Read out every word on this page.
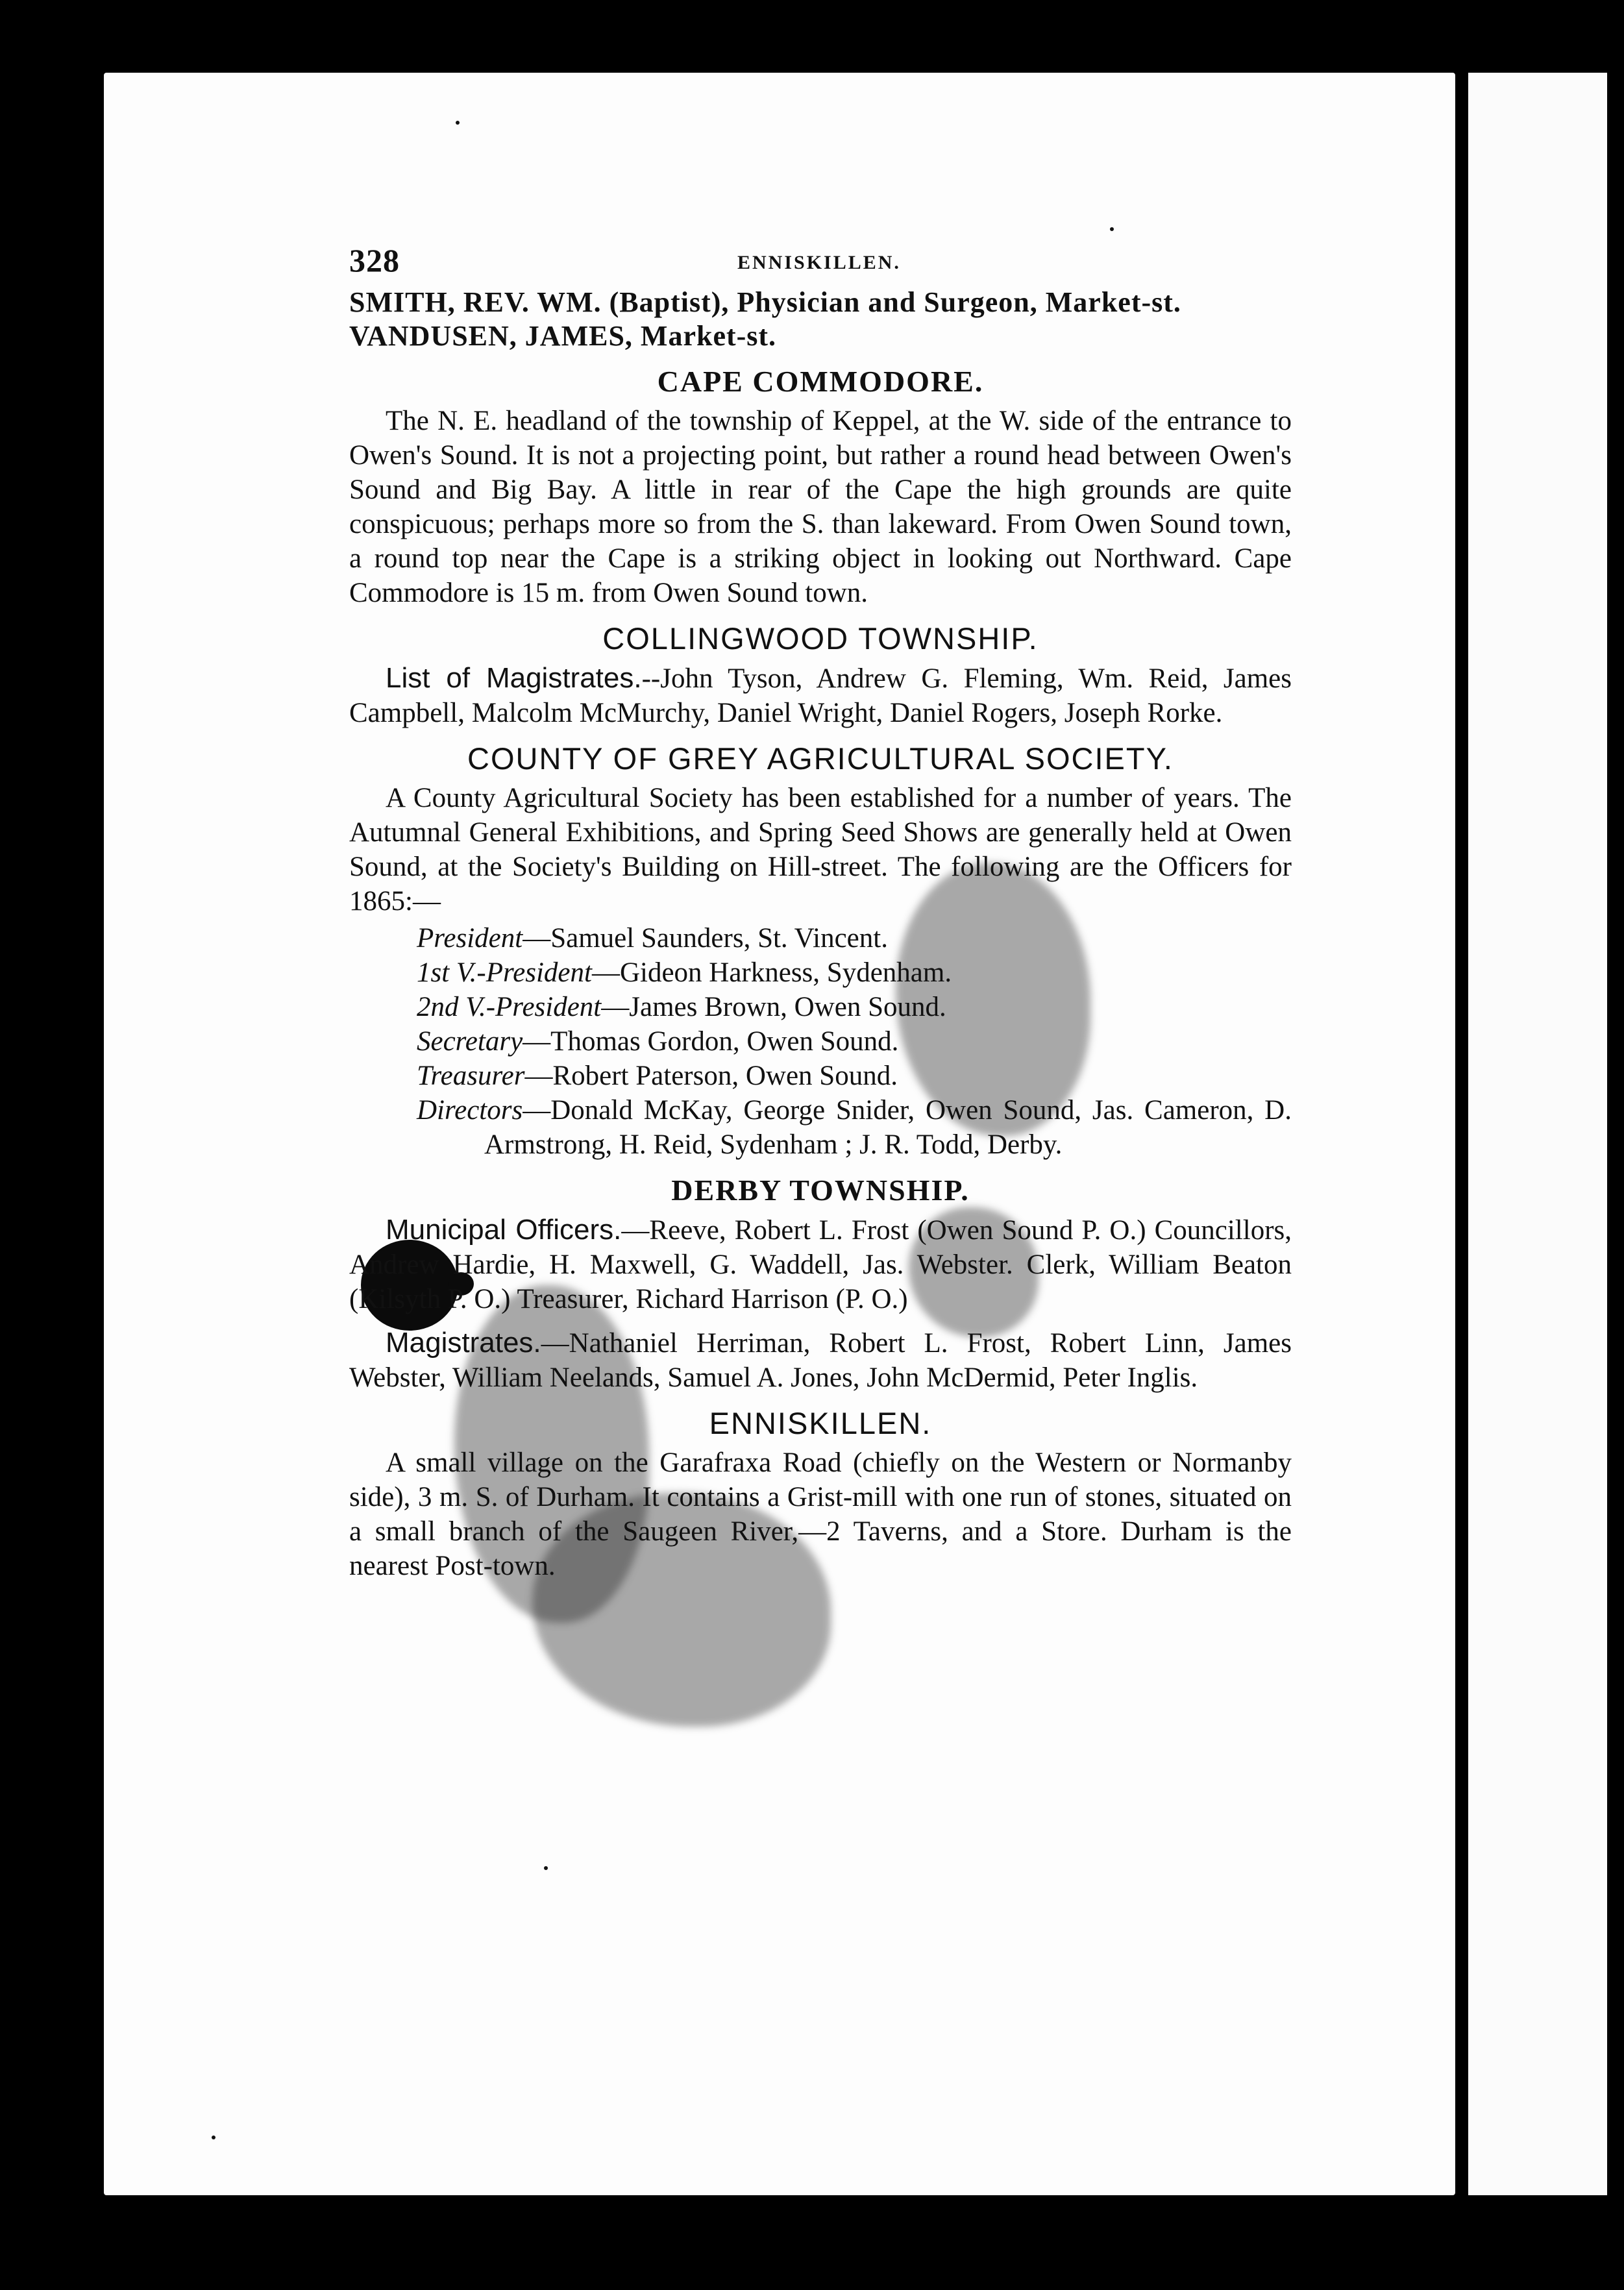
328	ENNISKILLEN.

SMITH, REV. WM. (Baptist), Physician and Surgeon, Market-st.

VANDUSEN, JAMES, Market-st.

CAPE COMMODORE.

The N. E. headland of the township of Keppel, at the W. side of the entrance to Owen's Sound. It is not a projecting point, but rather a round head between Owen's Sound and Big Bay. A little in rear of the Cape the high grounds are quite conspicuous; perhaps more so from the S. than lakeward. From Owen Sound town, a round top near the Cape is a striking object in looking out Northward. Cape Commodore is 15 m. from Owen Sound town.

COLLINGWOOD TOWNSHIP.

List of Magistrates.--John Tyson, Andrew G. Fleming, Wm. Reid, James Campbell, Malcolm McMurchy, Daniel Wright, Daniel Rogers, Joseph Rorke.

COUNTY OF GREY AGRICULTURAL SOCIETY.

A County Agricultural Society has been established for a number of years. The Autumnal General Exhibitions, and Spring Seed Shows are generally held at Owen Sound, at the Society's Building on Hill-street. The following are the Officers for 1865:—

President—Samuel Saunders, St. Vincent.
1st V.-President—Gideon Harkness, Sydenham.
2nd V.-President—James Brown, Owen Sound.
Secretary—Thomas Gordon, Owen Sound.
Treasurer—Robert Paterson, Owen Sound.
Directors—Donald McKay, George Snider, Owen Sound, Jas. Cameron, D. Armstrong, H. Reid, Sydenham ; J. R. Todd, Derby.
DERBY TOWNSHIP.

Municipal Officers.—Reeve, Robert L. Frost (Owen Sound P. O.) Councillors, Andrew Hardie, H. Maxwell, G. Waddell, Jas. Webster. Clerk, William Beaton (Kilsyth P. O.) Treasurer, Richard Harrison (P. O.)

Magistrates.—Nathaniel Herriman, Robert L. Frost, Robert Linn, James Webster, William Neelands, Samuel A. Jones, John McDermid, Peter Inglis.

ENNISKILLEN.

A small village on the Garafraxa Road (chiefly on the Western or Normanby side), 3 m. S. of Durham. It contains a Grist-mill with one run of stones, situated on a small branch of the Saugeen River,—2 Taverns, and a Store. Durham is the nearest Post-town.
